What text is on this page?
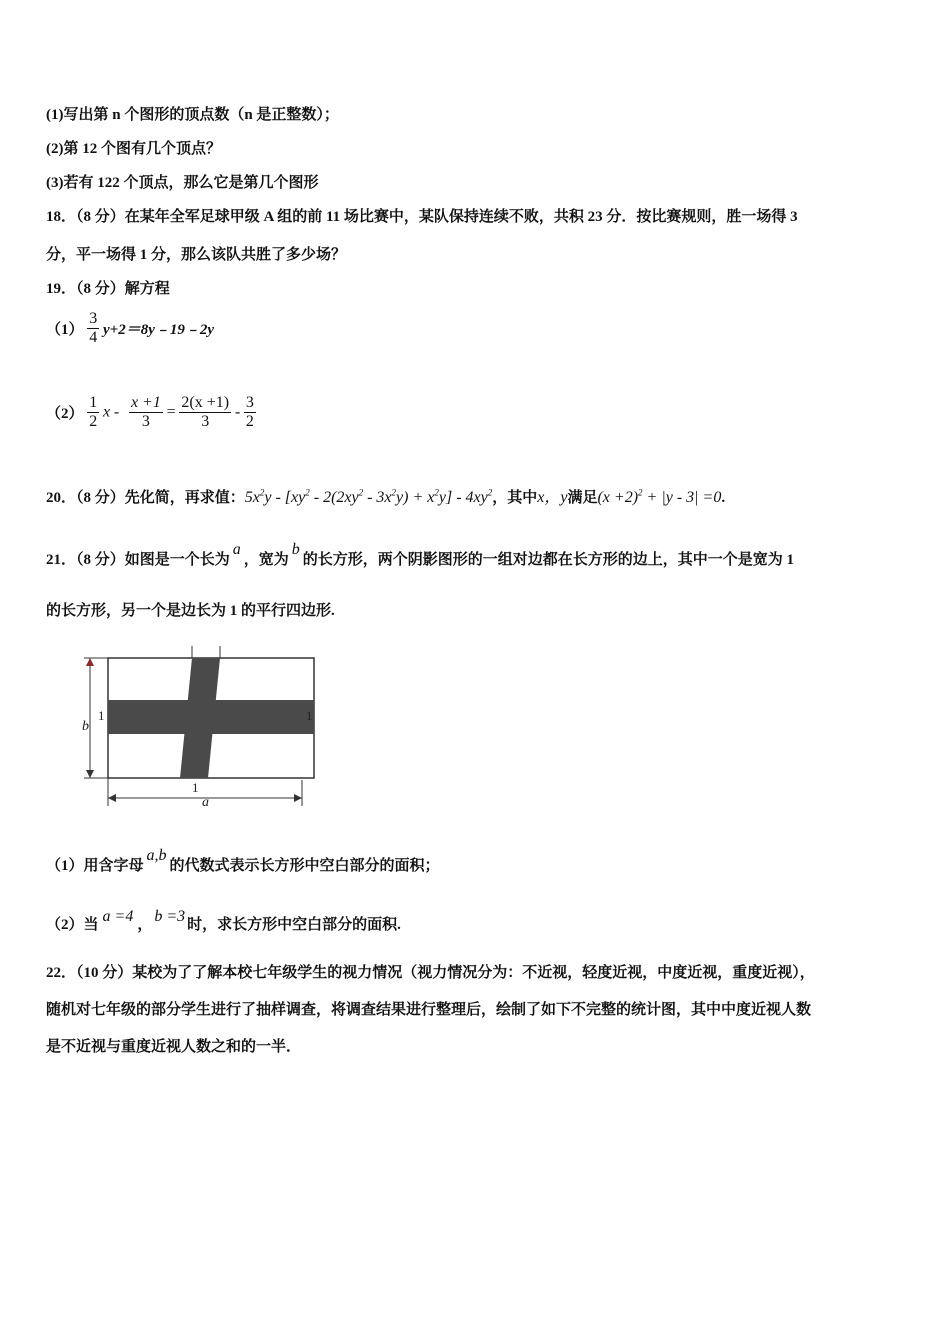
(1)写出第 n 个图形的顶点数（n 是正整数）；
(2)第 12 个图有几个顶点？
(3)若有 122 个顶点，那么它是第几个图形
18．（8 分）在某年全军足球甲级 A 组的前 11 场比赛中，某队保持连续不败，共积 23 分．按比赛规则，胜一场得 3
分，平一场得 1 分，那么该队共胜了多少场？
19．（8 分）解方程
$(1) \frac{3}{4}$ y+2＝8y﹣19﹣2y
$(2) \frac{1}{2}$ $x - \frac{x +1}{3} = \frac{2(x +1)}{3} - \frac{3}{2}$
20．（8 分）先化简，再求值：$5x^2y - [xy^2 - 2(2xy^2 - 3x^2y) + x^2y] - 4xy^2$，其中x，y满足$(x +2)^2 + |y - 3| =0$.
21．（8 分）如图是一个长为a，宽为b的长方形，两个阴影图形的一组对边都在长方形的边上，其中一个是宽为 1
的长方形，另一个是边长为 1 的平行四边形.
b
1	1
1
a
（1）用含字母a,b的代数式表示长方形中空白部分的面积；
（2）当 a =4 ， b =3 时，求长方形中空白部分的面积.
22．（10 分）某校为了了解本校七年级学生的视力情况（视力情况分为：不近视，轻度近视，中度近视，重度近视），
随机对七年级的部分学生进行了抽样调查，将调查结果进行整理后，绘制了如下不完整的统计图，其中中度近视人数
是不近视与重度近视人数之和的一半．
